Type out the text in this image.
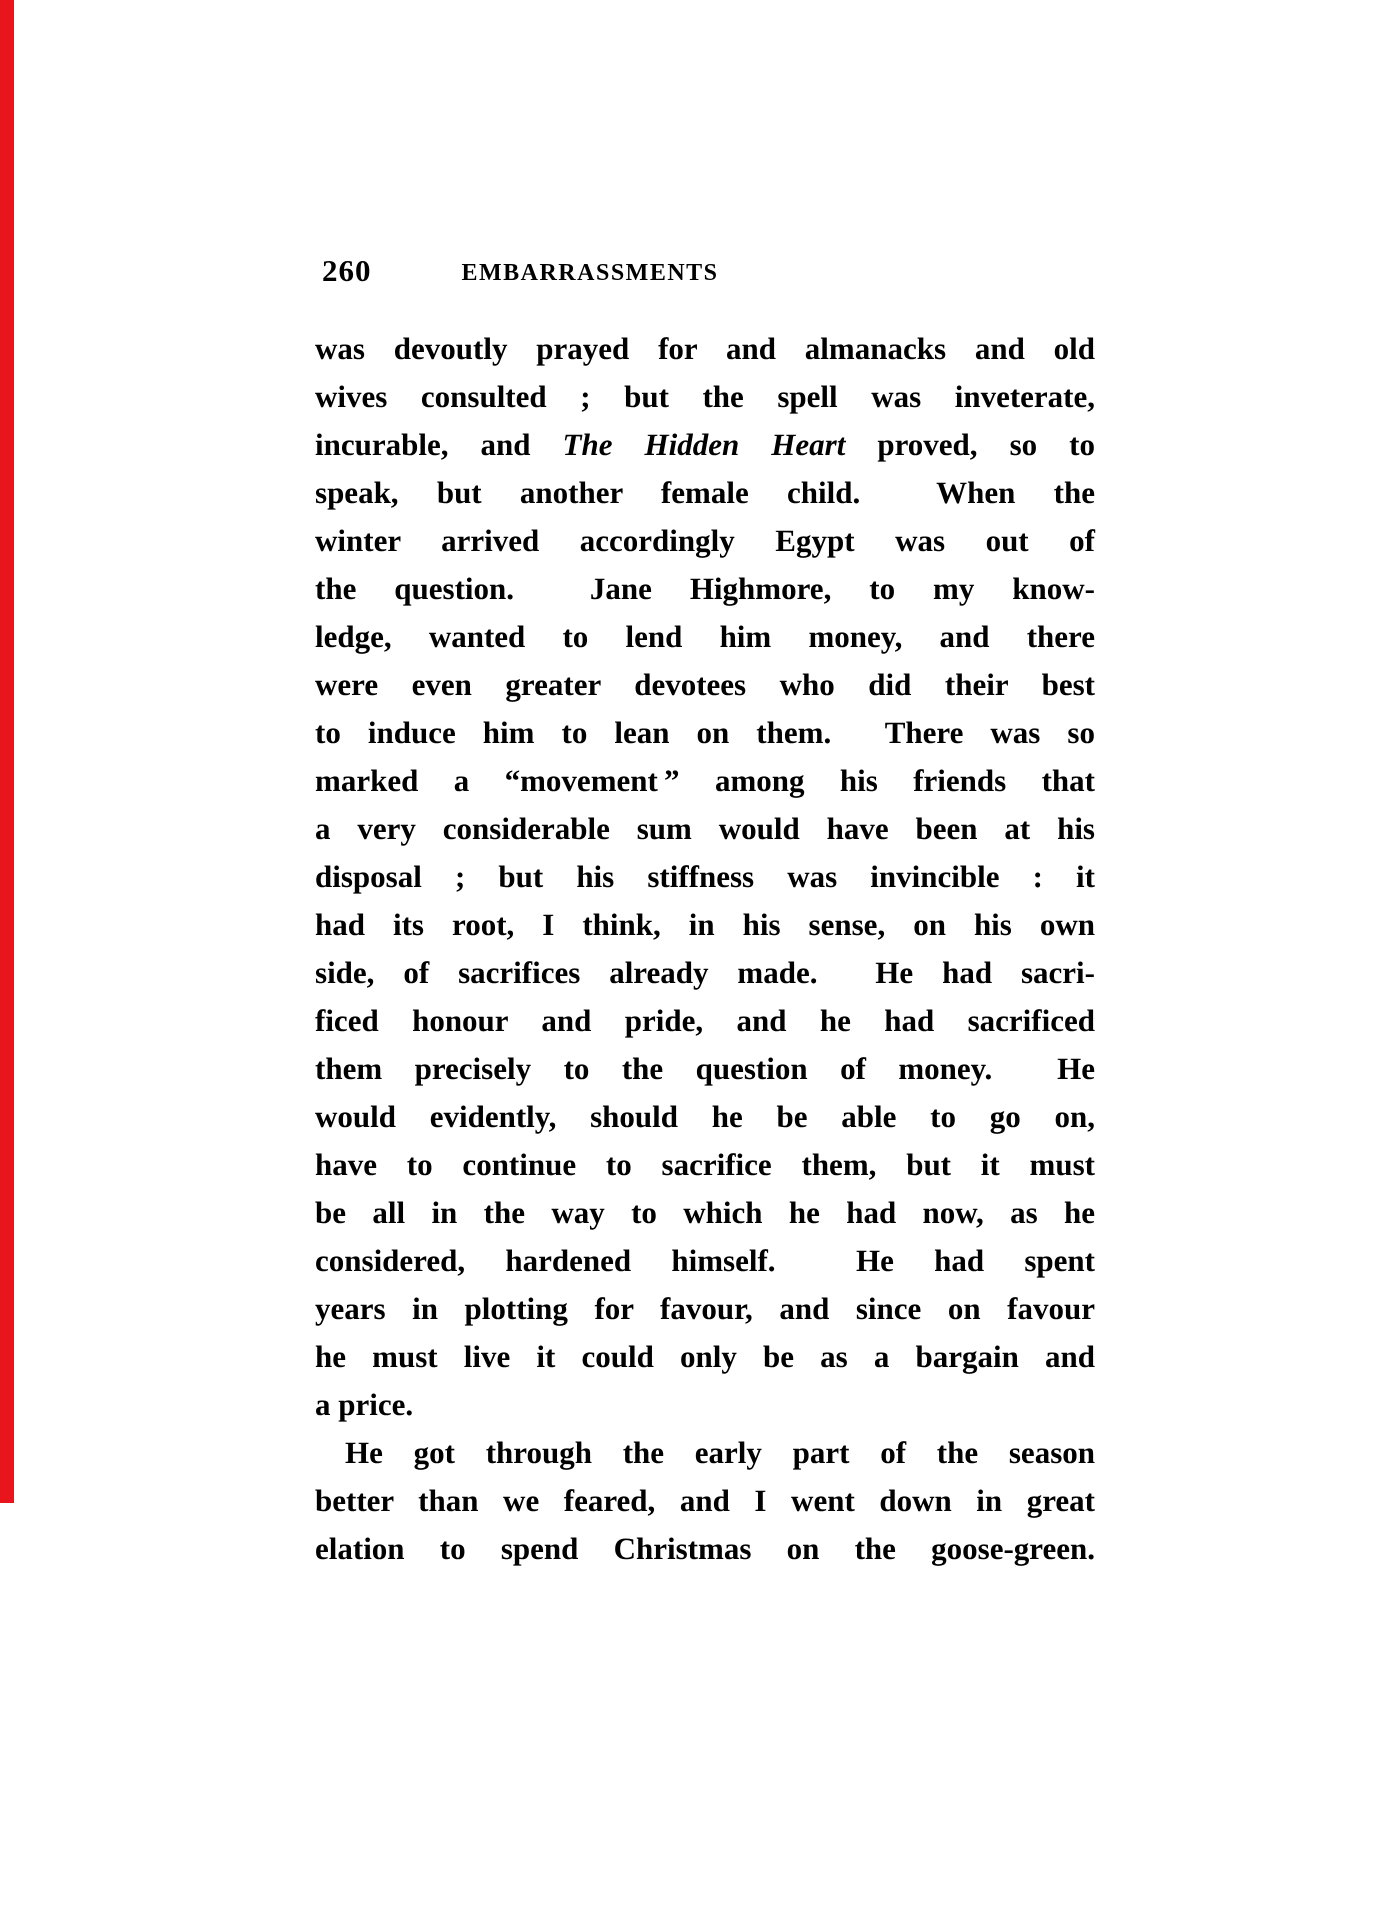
260	EMBARRASSMENTS
was devoutly prayed for and almanacks and old
wives consulted ; but the spell was inveterate,
incurable, and The Hidden Heart proved, so to
speak, but another female child.  When the
winter arrived accordingly Egypt was out of
the question.  Jane Highmore, to my know-
ledge, wanted to lend him money, and there
were even greater devotees who did their best
to induce him to lean on them.  There was so
marked a “movement ” among his friends that
a very considerable sum would have been at his
disposal ; but his stiffness was invincible : it
had its root, I think, in his sense, on his own
side, of sacrifices already made.  He had sacri-
ficed honour and pride, and he had sacrificed
them precisely to the question of money.  He
would evidently, should he be able to go on,
have to continue to sacrifice them, but it must
be all in the way to which he had now, as he
considered, hardened himself.  He had spent
years in plotting for favour, and since on favour
he must live it could only be as a bargain and
a price.
He got through the early part of the season
better than we feared, and I went down in great
elation to spend Christmas on the goose-green.
